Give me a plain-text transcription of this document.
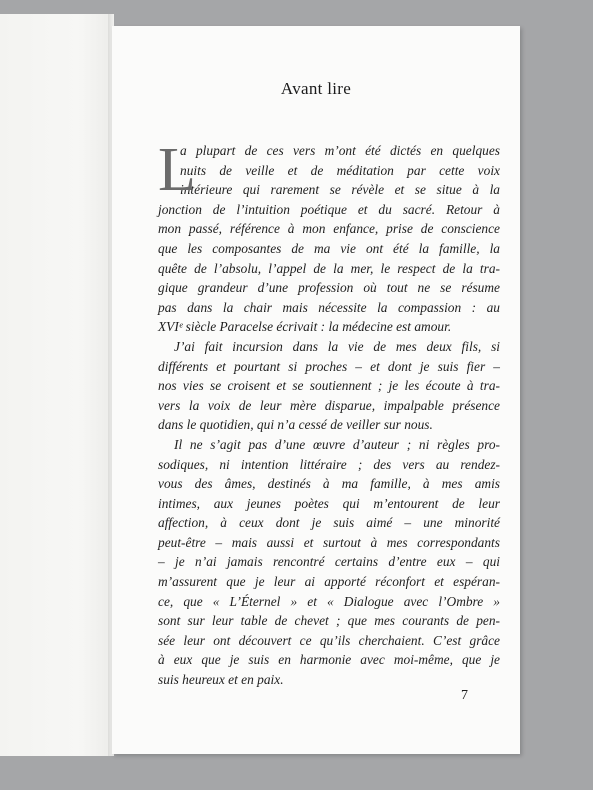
Avant lire
L
a plupart de ces vers m’ont été dictés en quelques
nuits de veille et de méditation par cette voix
intérieure qui rarement se révèle et se situe à la
jonction de l’intuition poétique et du sacré. Retour à
mon passé, référence à mon enfance, prise de conscience
que les composantes de ma vie ont été la famille, la
quête de l’absolu, l’appel de la mer, le respect de la tra-
gique grandeur d’une profession où tout ne se résume
pas dans la chair mais nécessite la compassion : au
XVIᵉ siècle Paracelse écrivait : la médecine est amour.
J’ai fait incursion dans la vie de mes deux fils, si
différents et pourtant si proches – et dont je suis fier –
nos vies se croisent et se soutiennent ; je les écoute à tra-
vers la voix de leur mère disparue, impalpable présence
dans le quotidien, qui n’a cessé de veiller sur nous.
Il ne s’agit pas d’une œuvre d’auteur ; ni règles pro-
sodiques, ni intention littéraire ; des vers au rendez-
vous des âmes, destinés à ma famille, à mes amis
intimes, aux jeunes poètes qui m’entourent de leur
affection, à ceux dont je suis aimé – une minorité
peut-être – mais aussi et surtout à mes correspondants
– je n’ai jamais rencontré certains d’entre eux – qui
m’assurent que je leur ai apporté réconfort et espéran-
ce, que « L’Éternel » et « Dialogue avec l’Ombre »
sont sur leur table de chevet ; que mes courants de pen-
sée leur ont découvert ce qu’ils cherchaient. C’est grâce
à eux que je suis en harmonie avec moi-même, que je
suis heureux et en paix.
7
